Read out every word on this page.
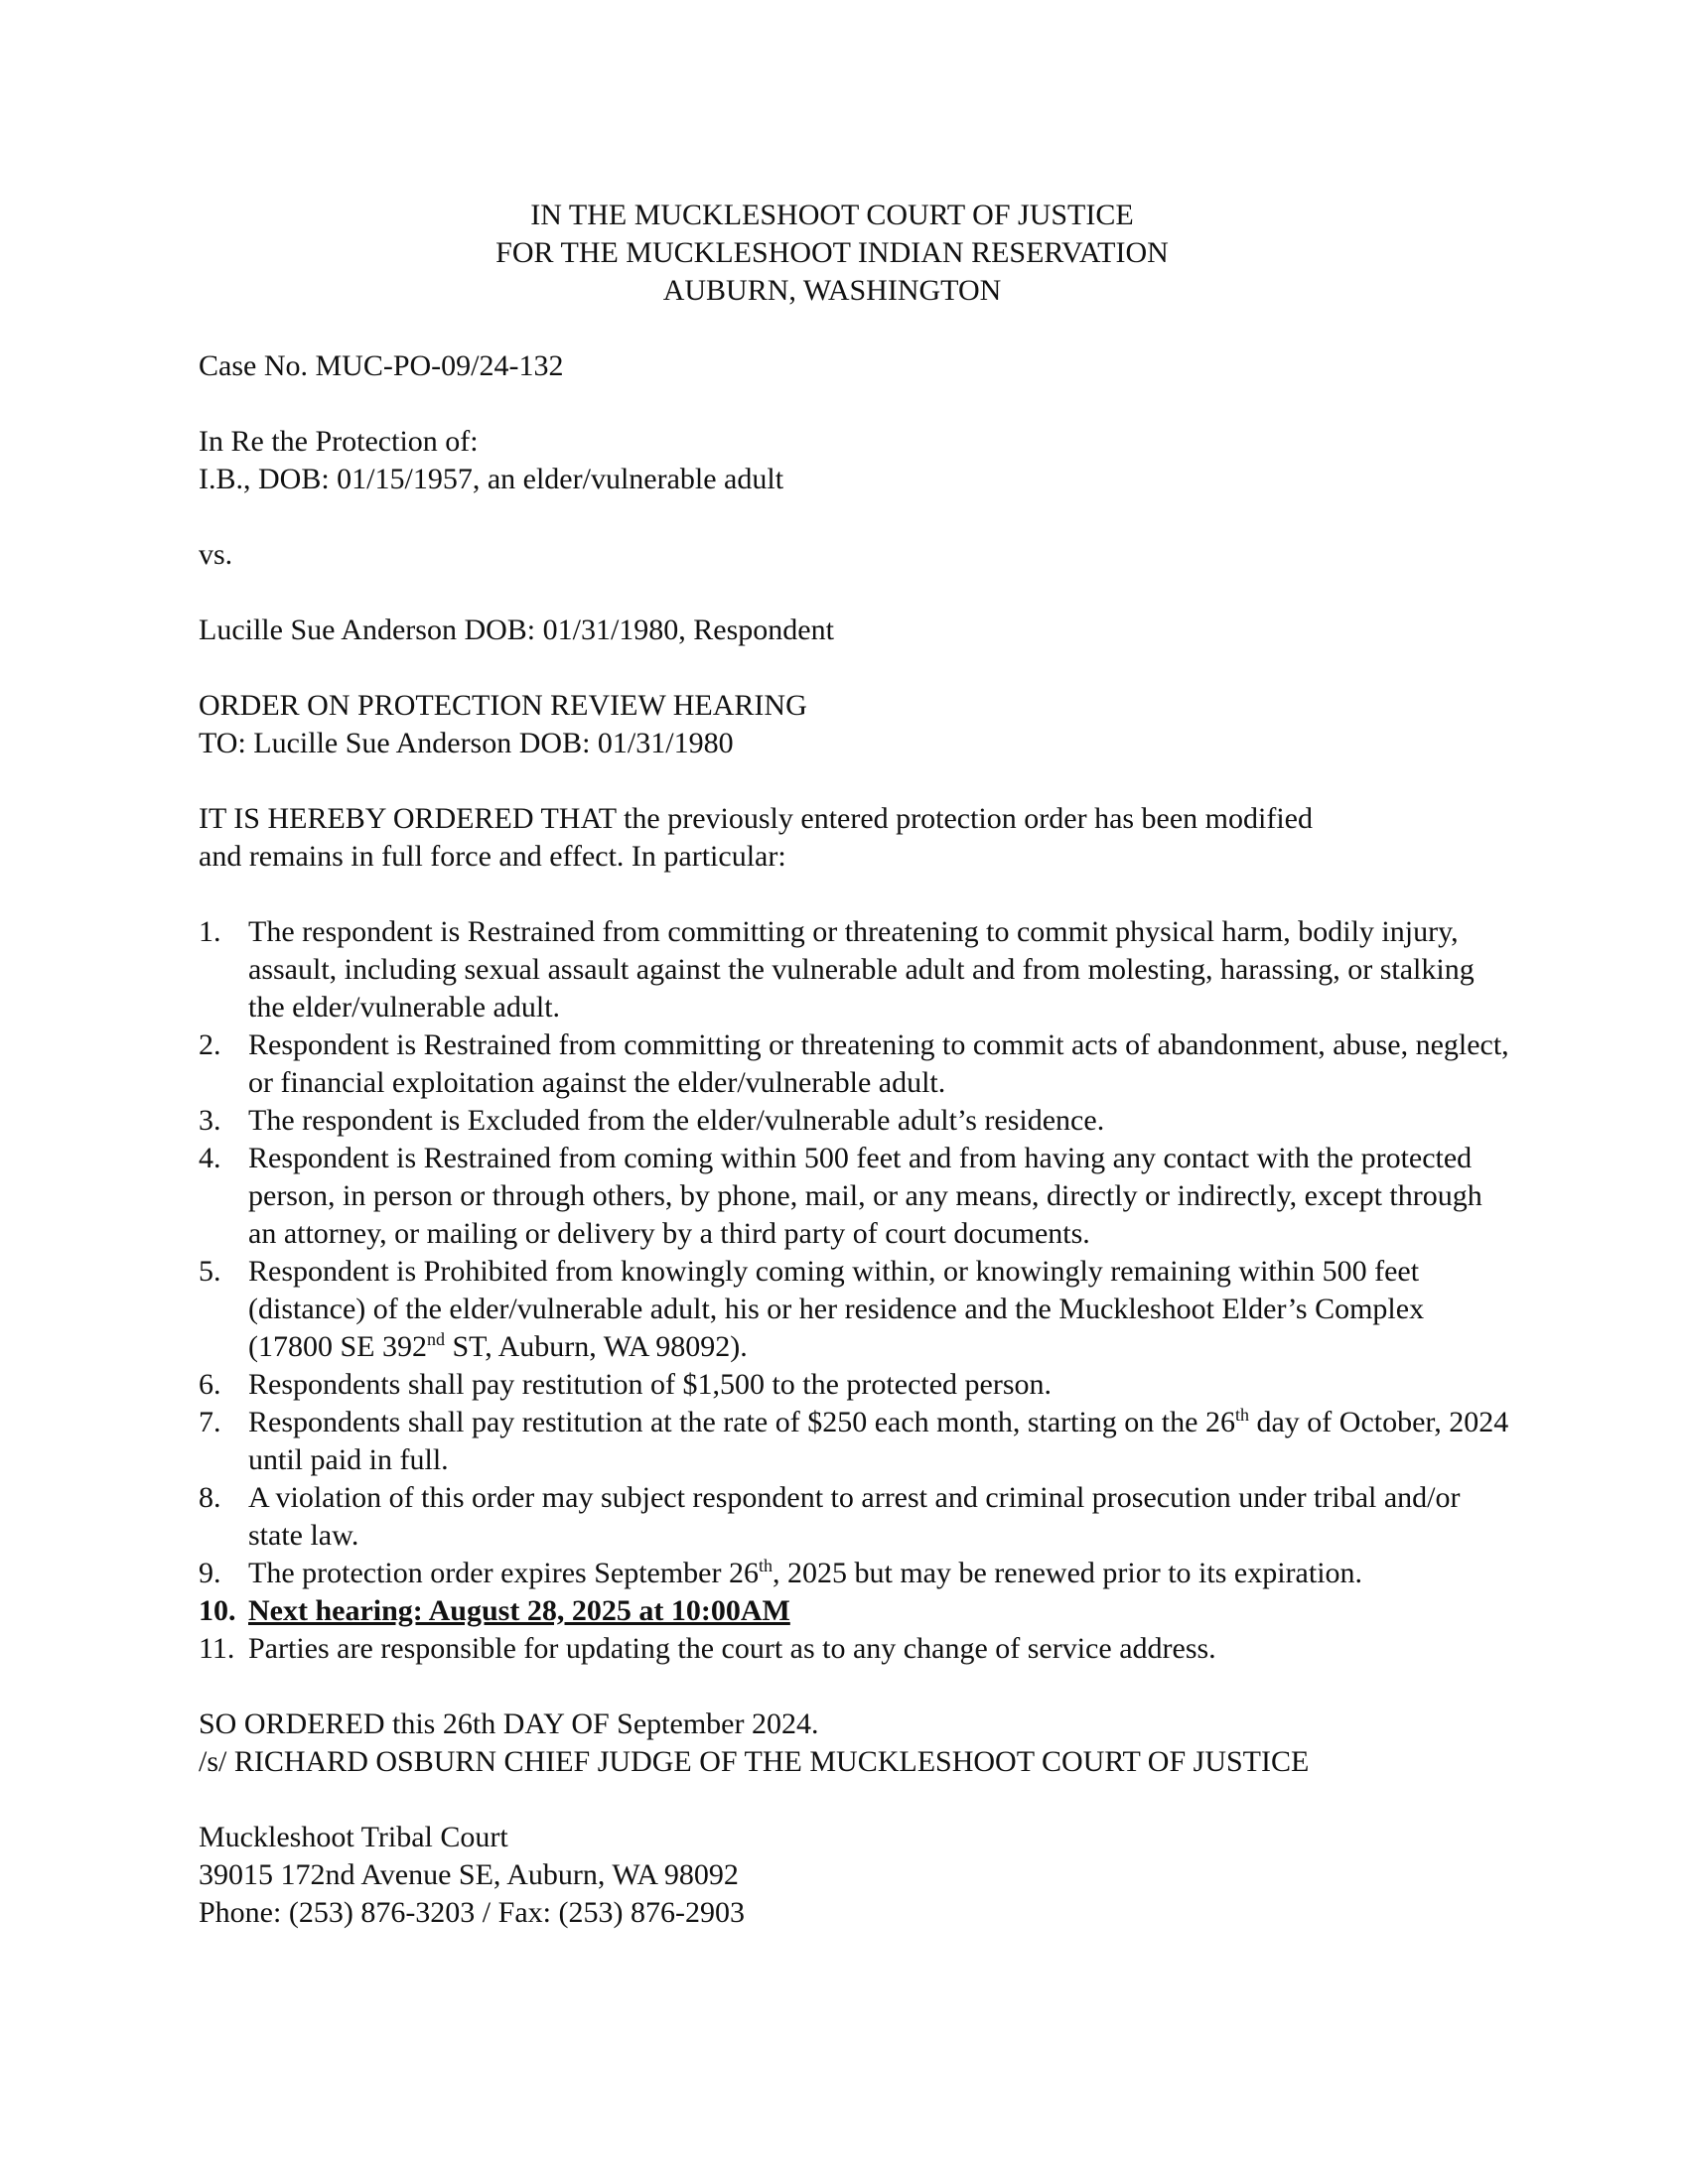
IN THE MUCKLESHOOT COURT OF JUSTICE
FOR THE MUCKLESHOOT INDIAN RESERVATION
AUBURN, WASHINGTON

Case No. MUC-PO-09/24-132

In Re the Protection of:

I.B., DOB: 01/15/1957, an elder/vulnerable adult

vs.

Lucille Sue Anderson DOB: 01/31/1980, Respondent

ORDER ON PROTECTION REVIEW HEARING

TO: Lucille Sue Anderson DOB: 01/31/1980

IT IS HEREBY ORDERED THAT the previously entered protection order has been modified

and remains in full force and effect. In particular:

1. The respondent is Restrained from committing or threatening to commit physical harm, bodily injury, assault, including sexual assault against the vulnerable adult and from molesting, harassing, or stalking the elder/vulnerable adult.
2. Respondent is Restrained from committing or threatening to commit acts of abandonment, abuse, neglect, or financial exploitation against the elder/vulnerable adult.
3. The respondent is Excluded from the elder/vulnerable adult’s residence.
4. Respondent is Restrained from coming within 500 feet and from having any contact with the protected person, in person or through others, by phone, mail, or any means, directly or indirectly, except through an attorney, or mailing or delivery by a third party of court documents.
5. Respondent is Prohibited from knowingly coming within, or knowingly remaining within 500 feet (distance) of the elder/vulnerable adult, his or her residence and the Muckleshoot Elder’s Complex (17800 SE 392nd ST, Auburn, WA 98092).
6. Respondents shall pay restitution of $1,500 to the protected person.
7. Respondents shall pay restitution at the rate of $250 each month, starting on the 26th day of October, 2024 until paid in full.
8. A violation of this order may subject respondent to arrest and criminal prosecution under tribal and/or state law.
9. The protection order expires September 26th, 2025 but may be renewed prior to its expiration.
10. Next hearing: August 28, 2025 at 10:00AM
11. Parties are responsible for updating the court as to any change of service address.

SO ORDERED this 26th DAY OF September 2024.

/s/ RICHARD OSBURN CHIEF JUDGE OF THE MUCKLESHOOT COURT OF JUSTICE

Muckleshoot Tribal Court

39015 172nd Avenue SE, Auburn, WA 98092

Phone: (253) 876-3203 / Fax: (253) 876-2903
